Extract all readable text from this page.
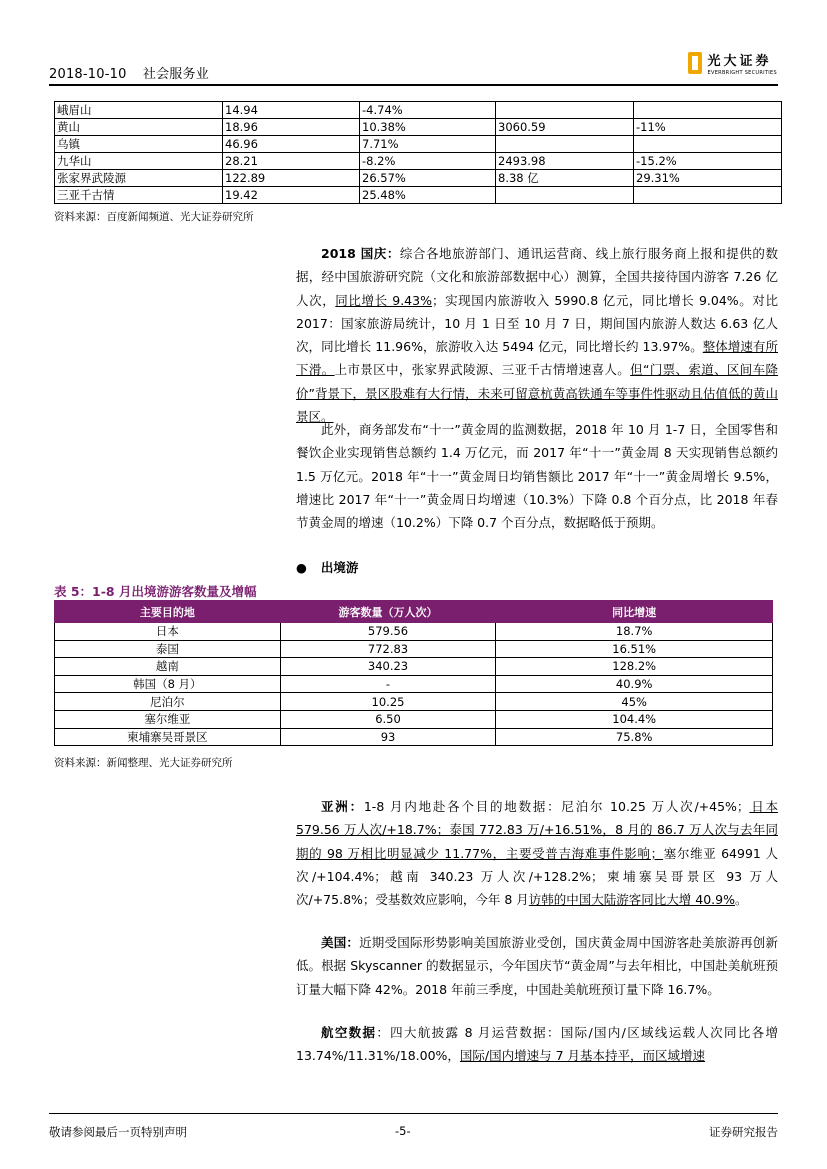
2018-10-10 社会服务业
光大证券
EVERBRIGHT SECURITIES
峨眉山	14.94	-4.74%		
黄山	18.96	10.38%	3060.59	-11%
乌镇	46.96	7.71%		
九华山	28.21	-8.2%	2493.98	-15.2%
张家界武陵源	122.89	26.57%	8.38 亿	29.31%
三亚千古情	19.42	25.48%		
资料来源：百度新闻频道、光大证券研究所

2018 国庆：综合各地旅游部门、通讯运营商、线上旅行服务商上报和提供的数据，经中国旅游研究院（文化和旅游部数据中心）测算，全国共接待国内游客 7.26 亿人次，同比增长 9.43%；实现国内旅游收入 5990.8 亿元，同比增长 9.04%。对比 2017：国家旅游局统计，10 月 1 日至 10 月 7 日，期间国内旅游人数达 6.63 亿人次，同比增长 11.96%，旅游收入达 5494 亿元，同比增长约 13.97%。整体增速有所下滑。上市景区中，张家界武陵源、三亚千古情增速喜人。但“门票、索道、区间车降价”背景下，景区股难有大行情，未来可留意杭黄高铁通车等事件性驱动且估值低的黄山景区。

此外，商务部发布“十一”黄金周的监测数据，2018 年 10 月 1-7 日，全国零售和餐饮企业实现销售总额约 1.4 万亿元，而 2017 年“十一”黄金周 8 天实现销售总额约 1.5 万亿元。2018 年“十一”黄金周日均销售额比 2017 年“十一”黄金周增长 9.5%，增速比 2017 年“十一”黄金周日均增速（10.3%）下降 0.8 个百分点，比 2018 年春节黄金周的增速（10.2%）下降 0.7 个百分点，数据略低于预期。

● 出境游
表 5：1-8 月出境游游客数量及增幅
主要目的地	游客数量（万人次）	同比增速
日本	579.56	18.7%
泰国	772.83	16.51%
越南	340.23	128.2%
韩国（8 月）	-	40.9%
尼泊尔	10.25	45%
塞尔维亚	6.50	104.4%
柬埔寨吴哥景区	93	75.8%
资料来源：新闻整理、光大证券研究所

亚洲：1-8 月内地赴各个目的地数据：尼泊尔 10.25 万人次/+45%；日本 579.56 万人次/+18.7%；泰国 772.83 万/+16.51%，8 月的 86.7 万人次与去年同期的 98 万相比明显减少 11.77%，主要受普吉海难事件影响；塞尔维亚 64991 人次/+104.4%；越南 340.23 万人次/+128.2%；柬埔寨吴哥景区 93 万人次/+75.8%；受基数效应影响，今年 8 月访韩的中国大陆游客同比大增 40.9%。

美国：近期受国际形势影响美国旅游业受创，国庆黄金周中国游客赴美旅游再创新低。根据 Skyscanner 的数据显示，今年国庆节“黄金周”与去年相比，中国赴美航班预订量大幅下降 42%。2018 年前三季度，中国赴美航班预订量下降 16.7%。

航空数据：四大航披露 8 月运营数据：国际/国内/区域线运载人次同比各增 13.74%/11.31%/18.00%，国际/国内增速与 7 月基本持平，而区域增速

敬请参阅最后一页特别声明	-5-	证券研究报告
